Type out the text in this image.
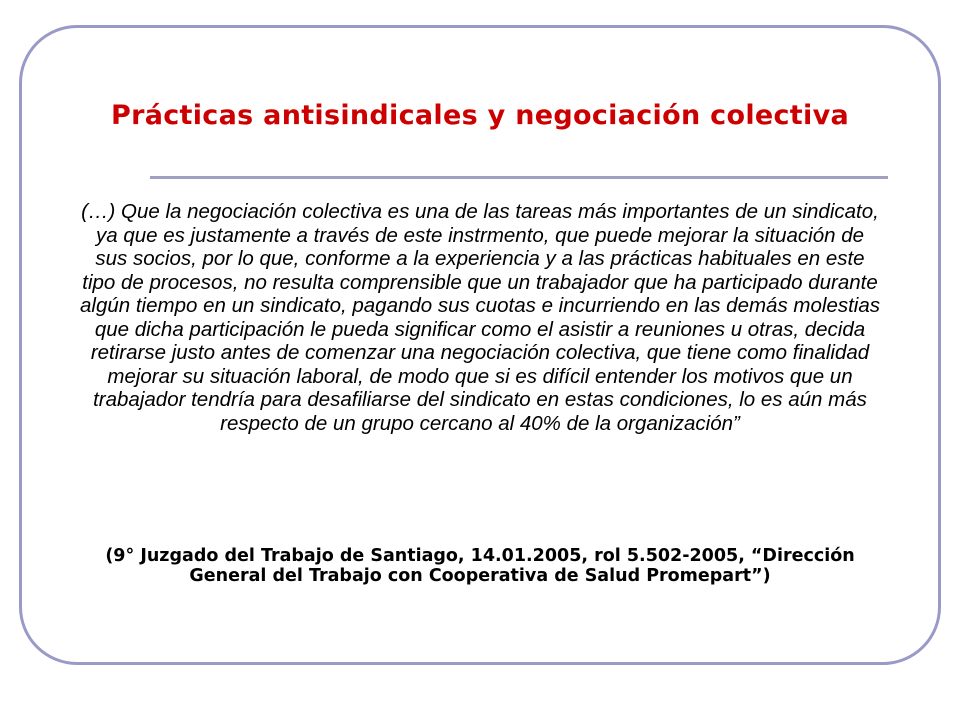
Prácticas antisindicales y negociación colectiva

(…) Que la negociación colectiva es una de las tareas más importantes de un sindicato, ya que es justamente a través de este instrmento, que puede mejorar la situación de sus socios, por lo que, conforme a la experiencia y a las prácticas habituales en este tipo de procesos, no resulta comprensible que un trabajador que ha participado durante algún tiempo en un sindicato, pagando sus cuotas e incurriendo en las demás molestias que dicha participación le pueda significar como el asistir a reuniones u otras, decida retirarse justo antes de comenzar una negociación colectiva, que tiene como finalidad mejorar su situación laboral, de modo que si es difícil entender los motivos que un trabajador tendría para desafiliarse del sindicato en estas condiciones, lo es aún más respecto de un grupo cercano al 40% de la organización”

(9° Juzgado del Trabajo de Santiago, 14.01.2005, rol 5.502-2005, “Dirección General del Trabajo con Cooperativa de Salud Promepart”)
